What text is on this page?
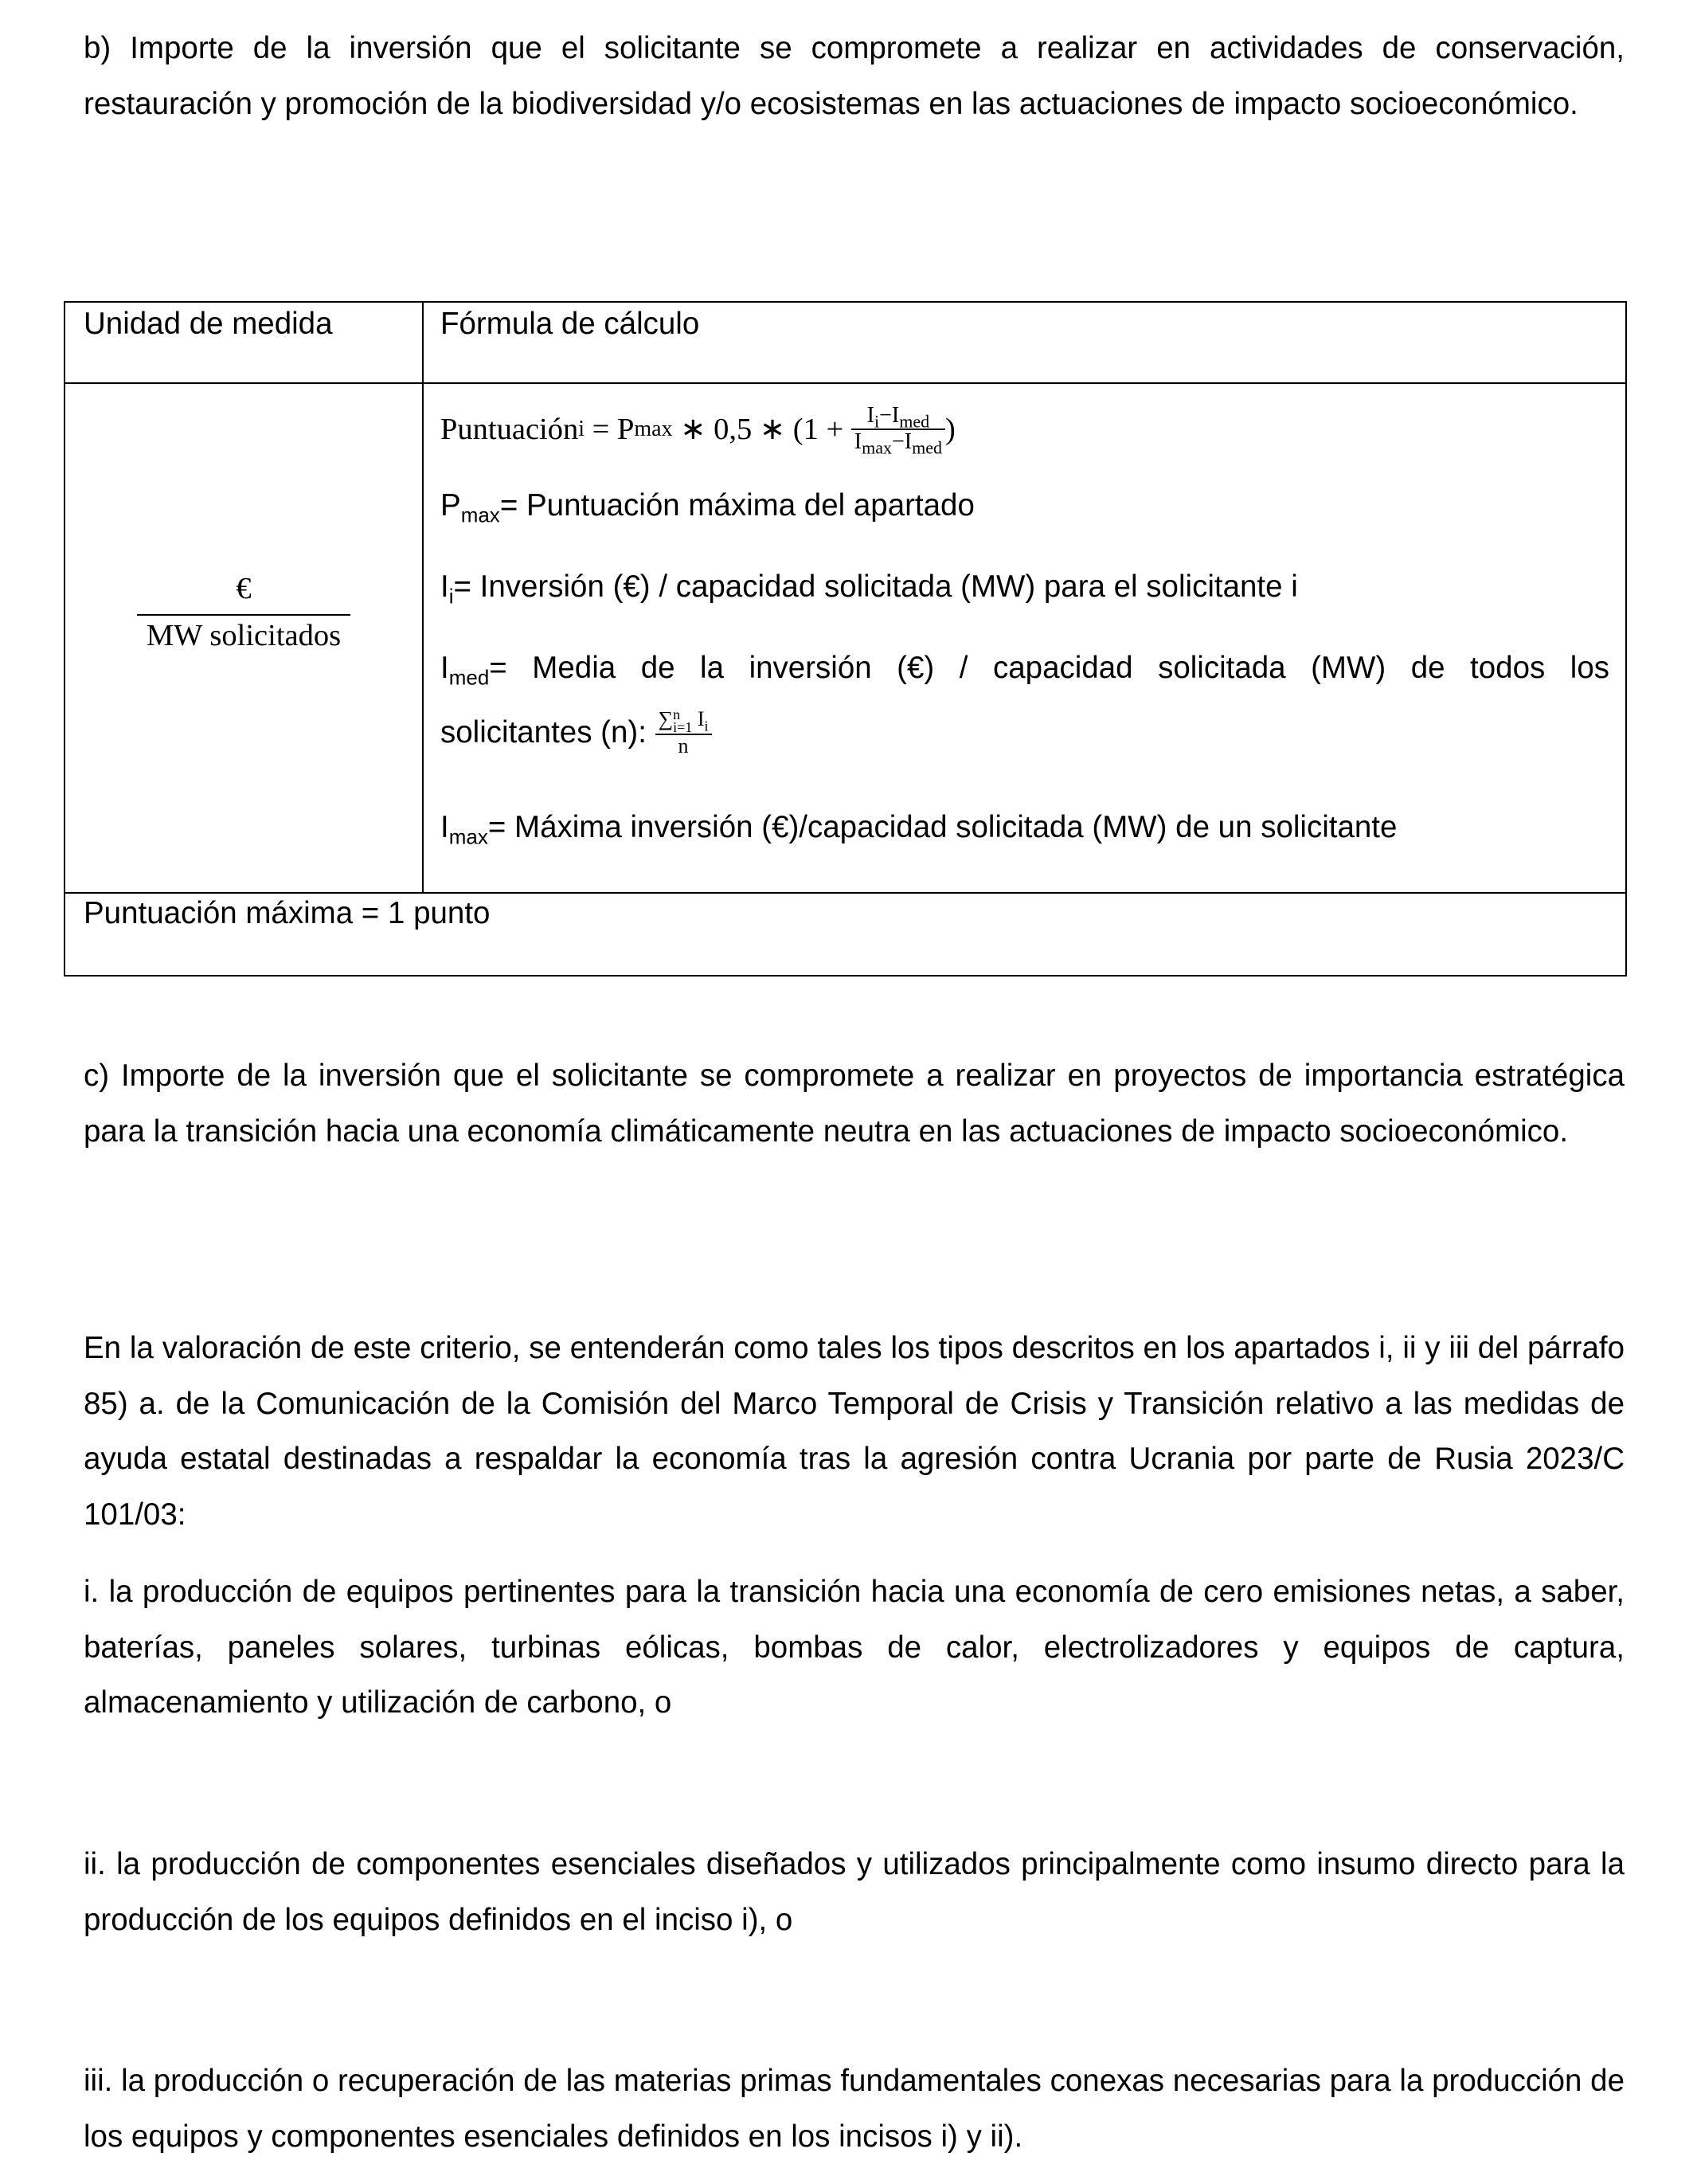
b) Importe de la inversión que el solicitante se compromete a realizar en actividades de conservación, restauración y promoción de la biodiversidad y/o ecosistemas en las actuaciones de impacto socioeconómico.

Unidad de medida	Fórmula de cálculo
€
MW solicitados
Puntuación i = P max ∗ 0,5 ∗ ($1 + \frac{I_i-I_{med}}{I_{max}-I_{med}}$ )
$P_{max}=$ Puntuación máxima del apartado
$I_i=$ Inversión (€) / capacidad solicitada (MW) para el solicitante i
$I_{med}=$ Media de la inversión (€) / capacidad solicitada (MW) de todos los
solicitantes (n): ∑ n
i=1 $I_i$
n
$I_{max}=$ Máxima inversión (€)/capacidad solicitada (MW) de un solicitante
Puntuación máxima = 1 punto

c) Importe de la inversión que el solicitante se compromete a realizar en proyectos de importancia estratégica para la transición hacia una economía climáticamente neutra en las actuaciones de impacto socioeconómico.

En la valoración de este criterio, se entenderán como tales los tipos descritos en los apartados i, ii y iii del párrafo 85) a. de la Comunicación de la Comisión del Marco Temporal de Crisis y Transición relativo a las medidas de ayuda estatal destinadas a respaldar la economía tras la agresión contra Ucrania por parte de Rusia 2023/C 101/03:

i. la producción de equipos pertinentes para la transición hacia una economía de cero emisiones netas, a saber, baterías, paneles solares, turbinas eólicas, bombas de calor, electrolizadores y equipos de captura, almacenamiento y utilización de carbono, o

ii. la producción de componentes esenciales diseñados y utilizados principalmente como insumo directo para la producción de los equipos definidos en el inciso i), o

iii. la producción o recuperación de las materias primas fundamentales conexas necesarias para la producción de los equipos y componentes esenciales definidos en los incisos i) y ii).
